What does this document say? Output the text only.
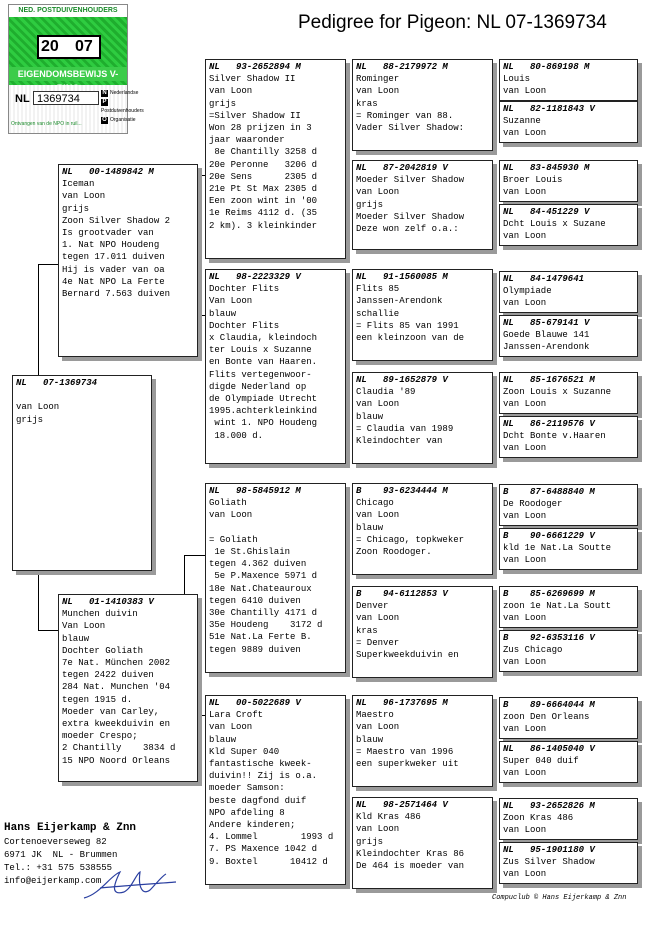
Pedigree for Pigeon: NL 07-1369734
NED. POSTDUIVENHOUDERS
20 07
EIGENDOMSBEWIJS V-
NL 1369734	N Nederlandse
PPostduivenhouders
O Organisatie
Ontvangen van de NPO in ruil...
NL   07-1369734

van Loon
grijs
NL   00-1489842 M
Iceman
van Loon
grijs
Zoon Silver Shadow 2
Is grootvader van
1. Nat NPO Houdeng
tegen 17.011 duiven
Hij is vader van oa
4e Nat NPO La Ferte
Bernard 7.563 duiven
NL   01-1410383 V
Munchen duivin
Van Loon
blauw
Dochter Goliath
7e Nat. München 2002
tegen 2422 duiven
284 Nat. Munchen '04
tegen 1915 d.
Moeder van Carley,
extra kweekduivin en
moeder Crespo;
2 Chantilly    3834 d
15 NPO Noord Orleans
NL   93-2652894 M
Silver Shadow II
van Loon
grijs
=Silver Shadow II
Won 28 prijzen in 3
jaar waaronder
8e Chantilly 3258 d
20e Peronne   3206 d
20e Sens      2305 d
21e Pt St Max 2305 d
Een zoon wint in '00
1e Reims 4112 d. (35
2 km). 3 kleinkinder
NL   98-2223329 V
Dochter Flits
Van Loon
blauw
Dochter Flits
x Claudia, kleindoch
ter Louis x Suzanne
en Bonte van Haaren.
Flits vertegenwoor-
digde Nederland op
de Olympiade Utrecht
1995.achterkleinkind
wint 1. NPO Houdeng
18.000 d.
NL   98-5845912 M
Goliath
van Loon

= Goliath
1e St.Ghislain
tegen 4.362 duiven
5e P.Maxence 5971 d
18e Nat.Chateauroux
tegen 6410 duiven
30e Chantilly 4171 d
35e Houdeng    3172 d
51e Nat.La Ferte B.
tegen 9889 duiven
NL   00-5022689 V
Lara Croft
van Loon
blauw
Kld Super 040
fantastische kweek-
duivin!! Zij is o.a.
moeder Samson:
beste dagfond duif
NPO afdeling 8
Andere kinderen;
4. Lommel        1993 d
7. PS Maxence 1042 d
9. Boxtel      10412 d
NL   88-2179972 M
Rominger
van Loon
kras
= Rominger van 88.
Vader Silver Shadow:
NL   87-2042819 V
Moeder Silver Shadow
van Loon
grijs
Moeder Silver Shadow
Deze won zelf o.a.:
NL   91-1560085 M
Flits 85
Janssen-Arendonk
schallie
= Flits 85 van 1991
een kleinzoon van de
NL   89-1652879 V
Claudia '89
van Loon
blauw
= Claudia van 1989
Kleindochter van
B    93-6234444 M
Chicago
van Loon
blauw
= Chicago, topkweker
Zoon Roodoger.
B    94-6112853 V
Denver
van Loon
kras
= Denver
Superkweekduivin en
NL   96-1737695 M
Maestro
van Loon
blauw
= Maestro van 1996
een superkweker uit
NL   98-2571464 V
Kld Kras 486
van Loon
grijs
Kleindochter Kras 86
De 464 is moeder van
NL   80-869198 M
Louis
van Loon
NL   82-1181843 V
Suzanne
van Loon
NL   83-845930 M
Broer Louis
van Loon
NL   84-451229 V
Dcht Louis x Suzane
van Loon
NL   84-1479641
Olympiade
van Loon
NL   85-679141 V
Goede Blauwe 141
Janssen-Arendonk
NL   85-1676521 M
Zoon Louis x Suzanne
van Loon
NL   86-2119576 V
Dcht Bonte v.Haaren
van Loon
B    87-6488840 M
De Roodoger
van Loon
B    90-6661229 V
kld 1e Nat.La Soutte
van Loon
B    85-6269699 M
zoon 1e Nat.La Soutt
van Loon
B    92-6353116 V
Zus Chicago
van Loon
B    89-6664044 M
zoon Den Orleans
van Loon
NL   86-1405040 V
Super 040 duif
van Loon
NL   93-2652826 M
Zoon Kras 486
van Loon
NL   95-1901180 V
Zus Silver Shadow
van Loon
Hans Eijerkamp & Znn
Cortenoeverseweg 82
6971 JK  NL - Brummen
Tel.: +31 575 538555
info@eijerkamp.com
Compuclub © Hans Eijerkamp & Znn
